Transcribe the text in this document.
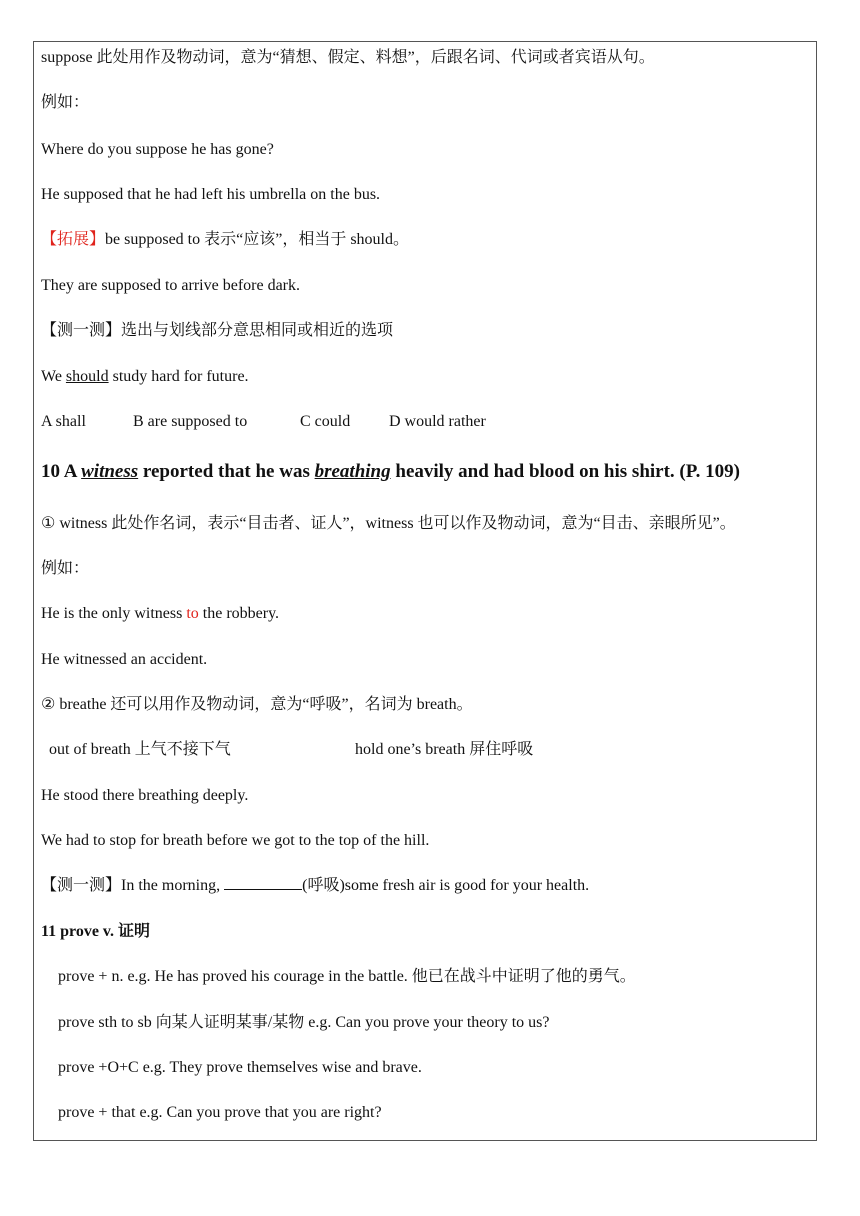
suppose 此处用作及物动词，意为“猜想、假定、料想”，后跟名词、代词或者宾语从句。
例如：
Where do you suppose he has gone?
He supposed that he had left his umbrella on the bus.
【拓展】be supposed to 表示“应该”，相当于 should。
They are supposed to arrive before dark.
【测一测】选出与划线部分意思相同或相近的选项
We should study hard for future.
A shall	B are supposed to	C could D would rather
10 A witness reported that he was breathing heavily and had blood on his shirt. (P. 109)
① witness 此处作名词，表示“目击者、证人”，witness 也可以作及物动词，意为“目击、亲眼所见”。
例如：
He is the only witness to the robbery.
He witnessed an accident.
② breathe 还可以用作及物动词，意为“呼吸”，名词为 breath。
out of breath 上气不接下气	hold one’s breath 屏住呼吸
He stood there breathing deeply.
We had to stop for breath before we got to the top of the hill.
【测一测】In the morning,	(呼吸)some fresh air is good for your health.
11 prove v. 证明
prove + n. e.g. He has proved his courage in the battle. 他已在战斗中证明了他的勇气。
prove sth to sb 向某人证明某事/某物 e.g. Can you prove your theory to us?
prove +O+C e.g. They prove themselves wise and brave.
prove + that e.g. Can you prove that you are right?
